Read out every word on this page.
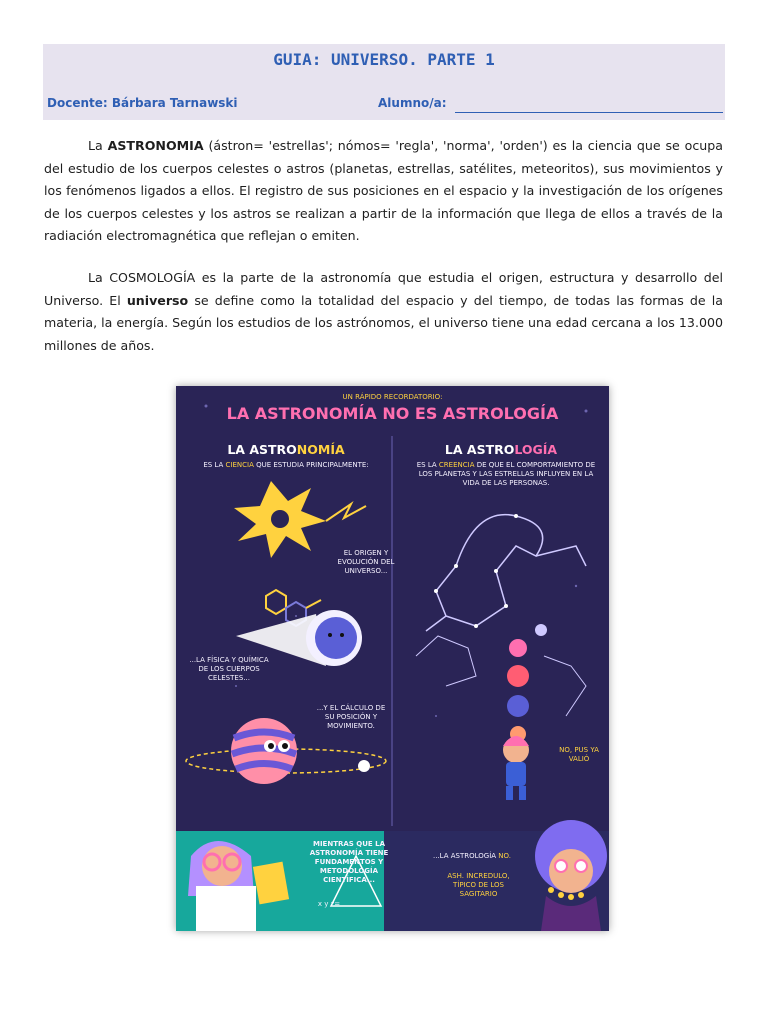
GUIA: UNIVERSO. PARTE 1
Docente: Bárbara Tarnawski	Alumno/a:

La ASTRONOMIA (ástron= 'estrellas'; nómos= 'regla', 'norma', 'orden') es la ciencia que se ocupa del estudio de los cuerpos celestes o astros (planetas, estrellas, satélites, meteoritos), sus movimientos y los fenómenos ligados a ellos. El registro de sus posiciones en el espacio y la investigación de los orígenes de los cuerpos celestes y los astros se realizan a partir de la información que llega de ellos a través de la radiación electromagnética que reflejan o emiten.

La COSMOLOGÍA es la parte de la astronomía que estudia el origen, estructura y desarrollo del Universo. El universo se define como la totalidad del espacio y del tiempo, de todas las formas de la materia, la energía. Según los estudios de los astrónomos, el universo tiene una edad cercana a los 13.000 millones de años.

UN RÁPIDO RECORDATORIO:
LA ASTRONOMÍA NO ES ASTROLOGÍA
LA ASTRONOMÍA
ES LA CIENCIA QUE ESTUDIA PRINCIPALMENTE:
EL ORIGEN Y EVOLUCIÓN DEL UNIVERSO...
...LA FÍSICA Y QUÍMICA DE LOS CUERPOS CELESTES...
...Y EL CÁLCULO DE SU POSICIÓN Y MOVIMIENTO.
LA ASTROLOGÍA
ES LA CREENCIA DE QUE EL COMPORTAMIENTO DE LOS PLANETAS Y LAS ESTRELLAS INFLUYEN EN LA VIDA DE LAS PERSONAS.
NO, PUS YA VALIÓ
MIENTRAS QUE LA ASTRONOMÍA TIENE FUNDAMENTOS Y METODOLOGÍA CIENTÍFICA...
...LA ASTROLOGÍA NO.
ASH. INCREDULO, TÍPICO DE LOS SAGITARIO
x y z=
